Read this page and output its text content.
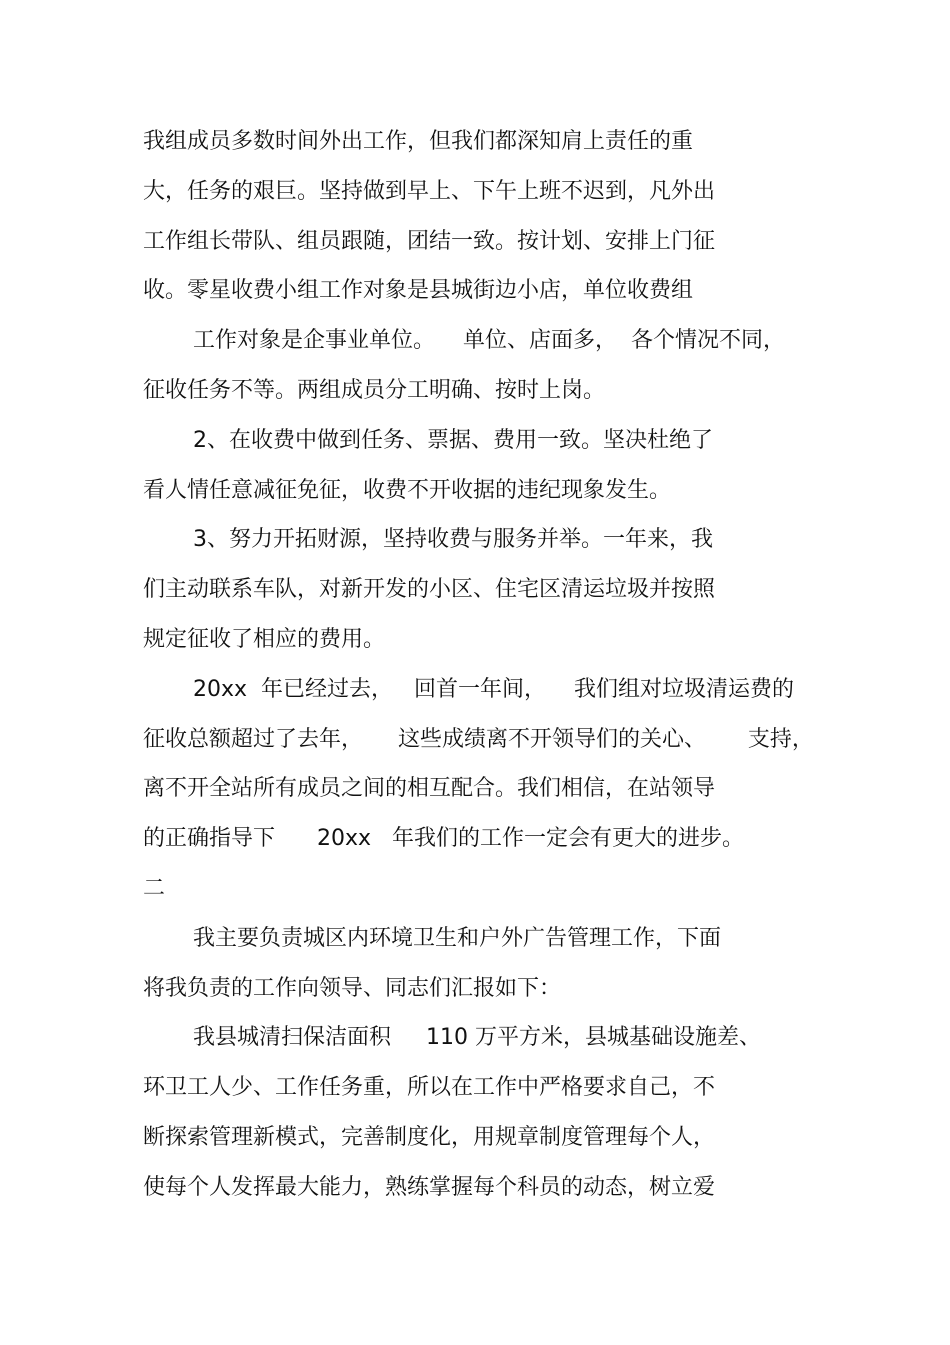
我组成员多数时间外出工作，但我们都深知肩上责任的重

大，任务的艰巨。坚持做到早上、下午上班不迟到，凡外出

工作组长带队、组员跟随，团结一致。按计划、安排上门征

收。零星收费小组工作对象是县城街边小店，单位收费组

工作对象是企事业单位。    单位、店面多，  各个情况不同，

征收任务不等。两组成员分工明确、按时上岗。

2、在收费中做到任务、票据、费用一致。坚决杜绝了

看人情任意减征免征，收费不开收据的违纪现象发生。

3、努力开拓财源，坚持收费与服务并举。一年来，我

们主动联系车队，对新开发的小区、住宅区清运垃圾并按照

规定征收了相应的费用。

20xx  年已经过去，   回首一年间，    我们组对垃圾清运费的

征收总额超过了去年，     这些成绩离不开领导们的关心、      支持，

离不开全站所有成员之间的相互配合。我们相信，在站领导

的正确指导下      20xx   年我们的工作一定会有更大的进步。

二

我主要负责城区内环境卫生和户外广告管理工作，下面

将我负责的工作向领导、同志们汇报如下：

我县城清扫保洁面积     110 万平方米，县城基础设施差、

环卫工人少、工作任务重，所以在工作中严格要求自己，不

断探索管理新模式，完善制度化，用规章制度管理每个人，

使每个人发挥最大能力，熟练掌握每个科员的动态，树立爱
